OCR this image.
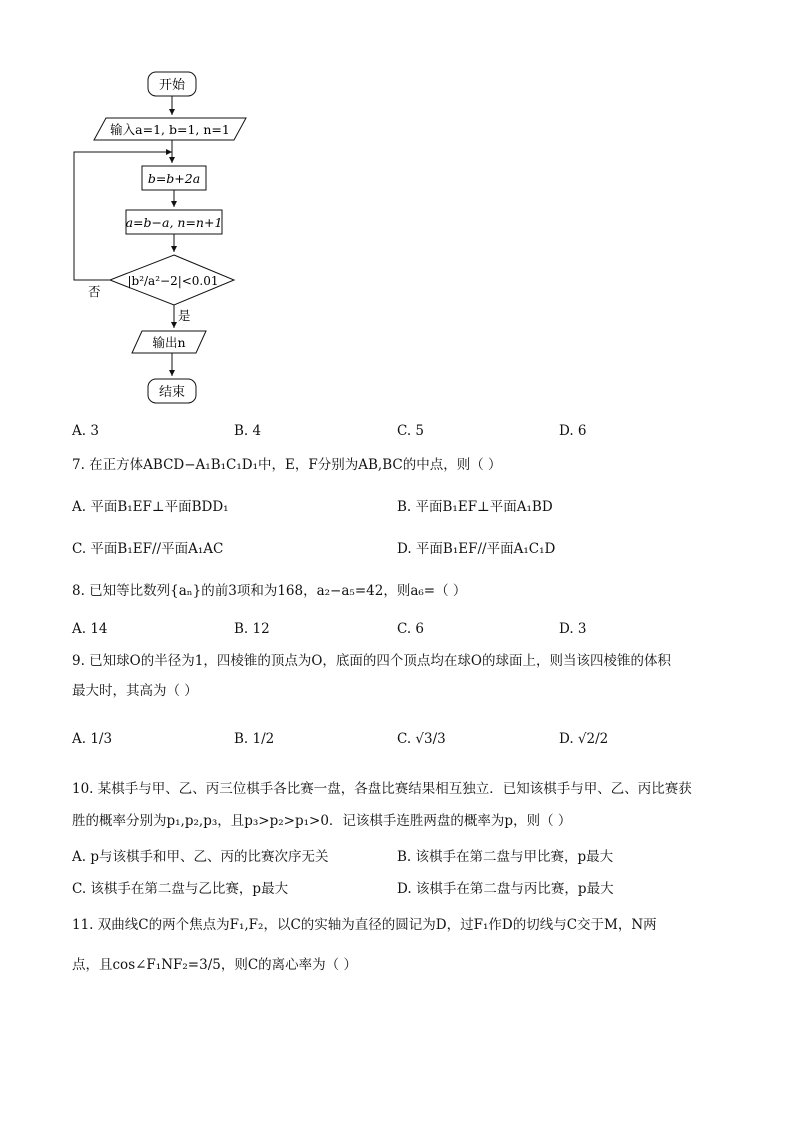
开始
输入a=1, b=1, n=1
b=b+2a
a=b−a, n=n+1
|b²/a²−2|<0.01
否
是
输出n
结束
A. 3	B. 4	C. 5	D. 6
7. 在正方体ABCD−A₁B₁C₁D₁中，E，F分别为AB,BC的中点，则（ ）
A. 平面B₁EF⊥平面BDD₁	B. 平面B₁EF⊥平面A₁BD
C. 平面B₁EF//平面A₁AC	D. 平面B₁EF//平面A₁C₁D
8. 已知等比数列{aₙ}的前3项和为168，a₂−a₅=42，则a₆=（ ）
A. 14	B. 12	C. 6	D. 3
9. 已知球O的半径为1，四棱锥的顶点为O，底面的四个顶点均在球O的球面上，则当该四棱锥的体积
最大时，其高为（ ）
A. 1/3	B. 1/2	C. √3/3	D. √2/2
10. 某棋手与甲、乙、丙三位棋手各比赛一盘，各盘比赛结果相互独立．已知该棋手与甲、乙、丙比赛获
胜的概率分别为p₁,p₂,p₃，且p₃>p₂>p₁>0．记该棋手连胜两盘的概率为p，则（ ）
A. p与该棋手和甲、乙、丙的比赛次序无关	B. 该棋手在第二盘与甲比赛，p最大
C. 该棋手在第二盘与乙比赛，p最大	D. 该棋手在第二盘与丙比赛，p最大
11. 双曲线C的两个焦点为F₁,F₂，以C的实轴为直径的圆记为D，过F₁作D的切线与C交于M，N两
点，且cos∠F₁NF₂=3/5，则C的离心率为（ ）
